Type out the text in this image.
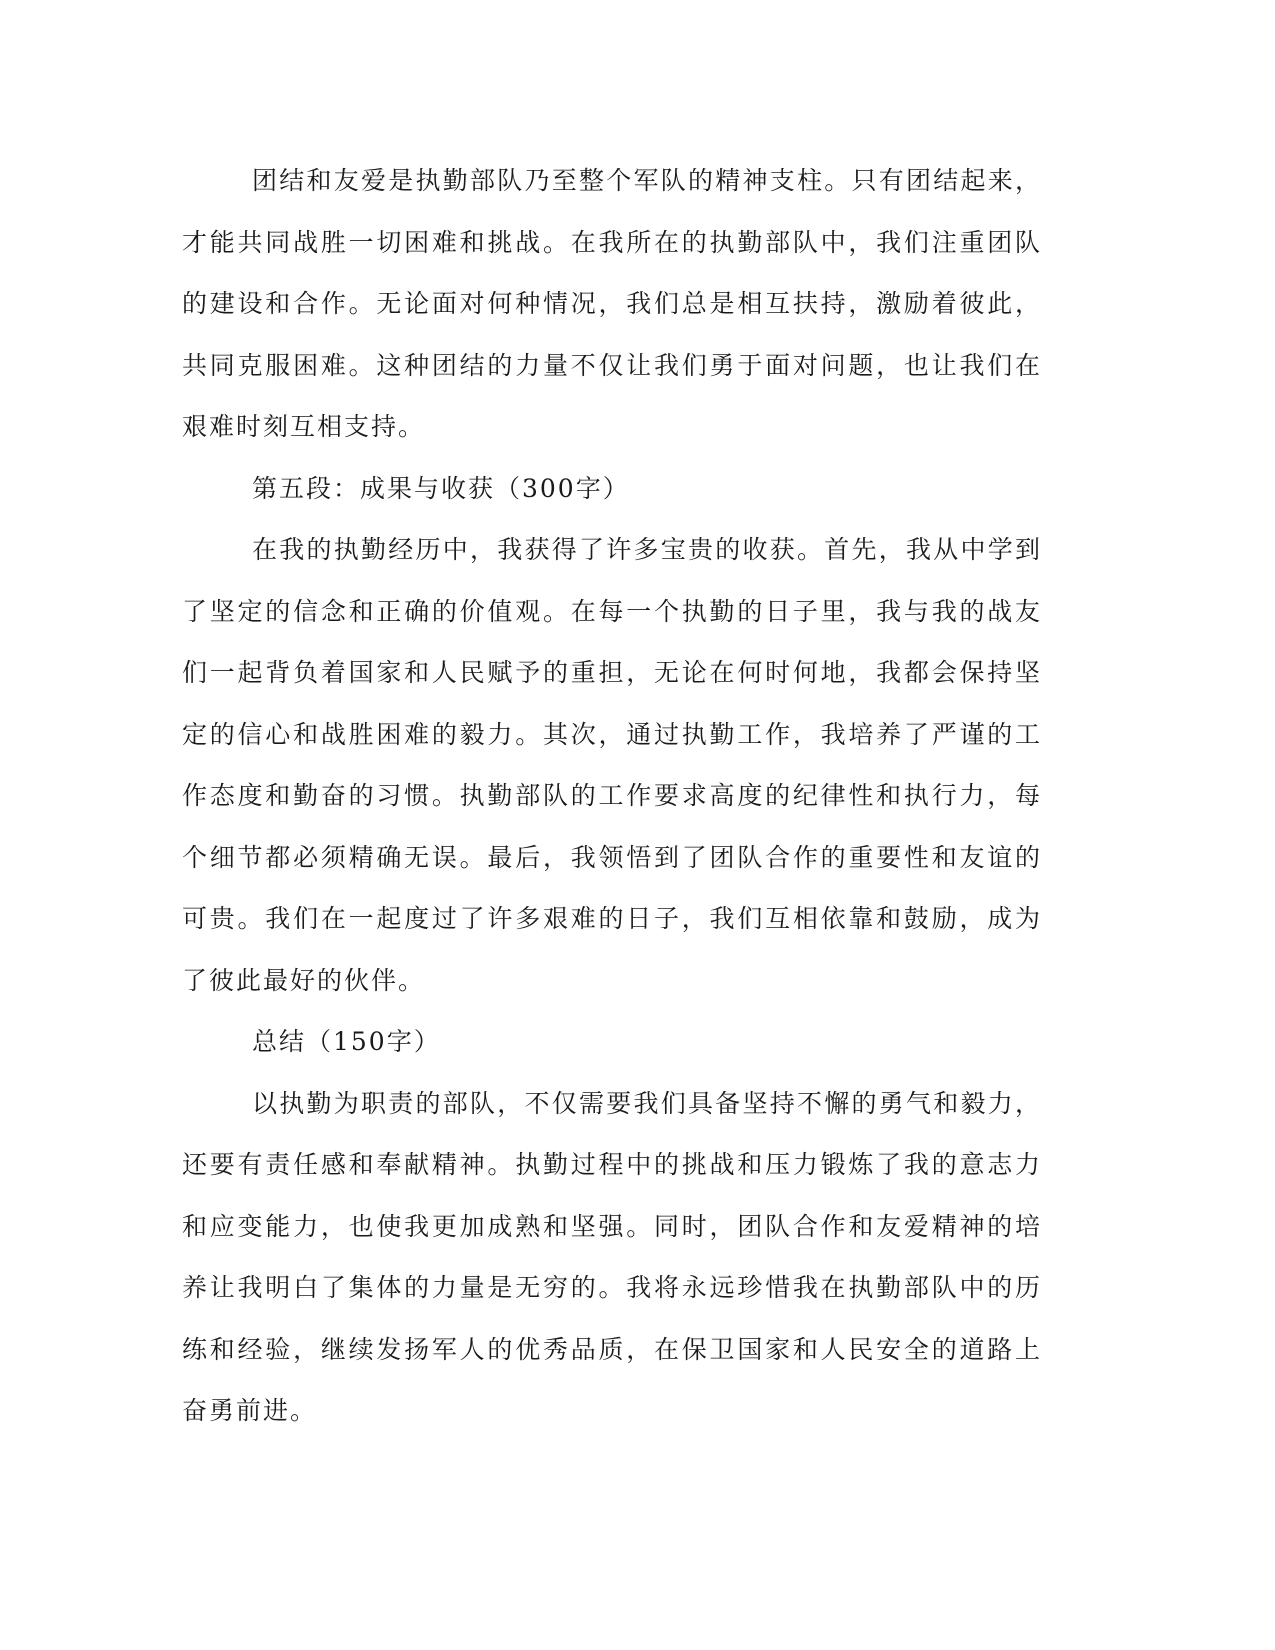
团结和友爱是执勤部队乃至整个军队的精神支柱。只有团结起来，才能共同战胜一切困难和挑战。在我所在的执勤部队中，我们注重团队的建设和合作。无论面对何种情况，我们总是相互扶持，激励着彼此，共同克服困难。这种团结的力量不仅让我们勇于面对问题，也让我们在艰难时刻互相支持。

第五段：成果与收获（300字）

在我的执勤经历中，我获得了许多宝贵的收获。首先，我从中学到了坚定的信念和正确的价值观。在每一个执勤的日子里，我与我的战友们一起背负着国家和人民赋予的重担，无论在何时何地，我都会保持坚定的信心和战胜困难的毅力。其次，通过执勤工作，我培养了严谨的工作态度和勤奋的习惯。执勤部队的工作要求高度的纪律性和执行力，每个细节都必须精确无误。最后，我领悟到了团队合作的重要性和友谊的可贵。我们在一起度过了许多艰难的日子，我们互相依靠和鼓励，成为了彼此最好的伙伴。

总结（150字）

以执勤为职责的部队，不仅需要我们具备坚持不懈的勇气和毅力，还要有责任感和奉献精神。执勤过程中的挑战和压力锻炼了我的意志力和应变能力，也使我更加成熟和坚强。同时，团队合作和友爱精神的培养让我明白了集体的力量是无穷的。我将永远珍惜我在执勤部队中的历练和经验，继续发扬军人的优秀品质，在保卫国家和人民安全的道路上奋勇前进。
